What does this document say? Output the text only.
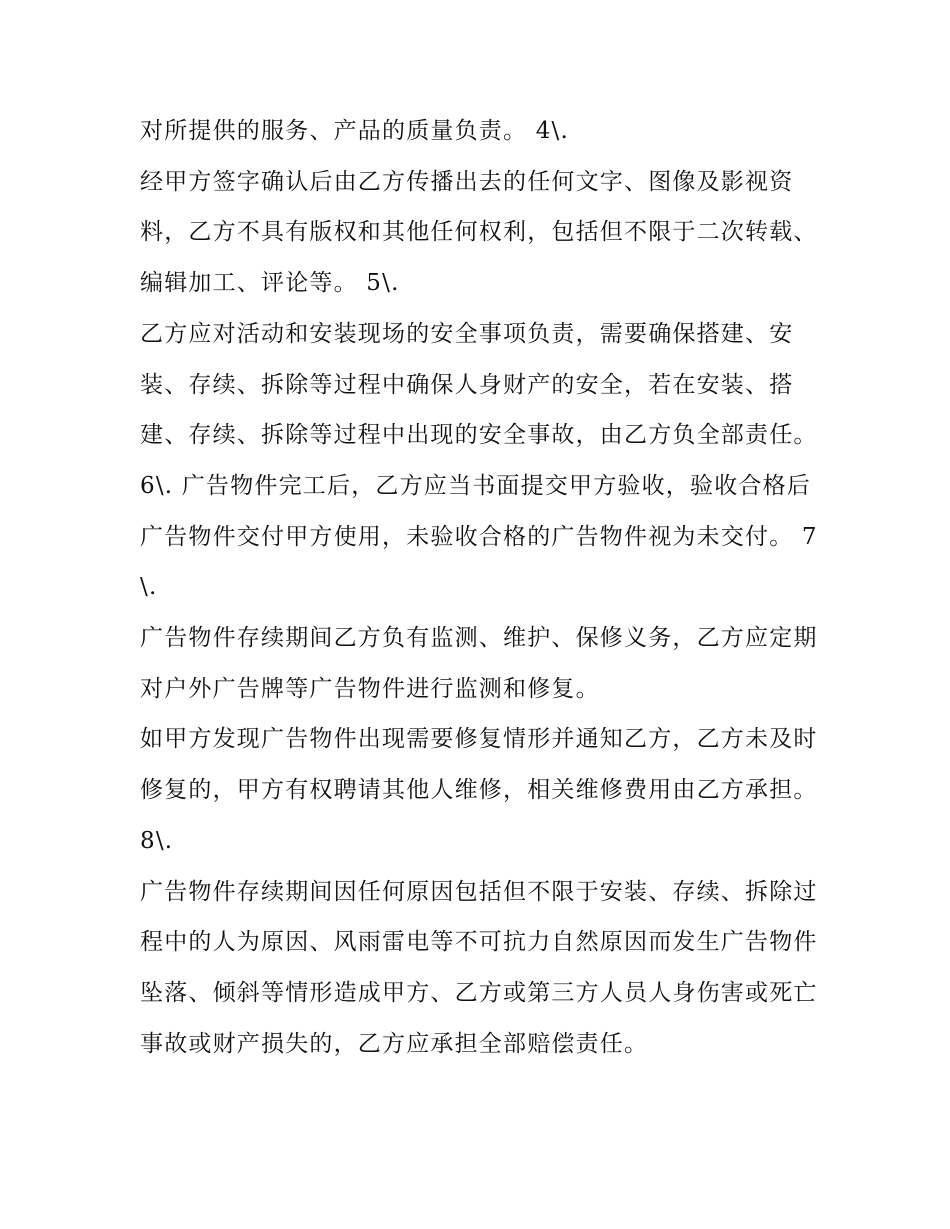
对所提供的服务、产品的质量负责。 4\.

经甲方签字确认后由乙方传播出去的任何文字、图像及影视资料，乙方不具有版权和其他任何权利，包括但不限于二次转载、编辑加工、评论等。 5\.

乙方应对活动和安装现场的安全事项负责，需要确保搭建、安装、存续、拆除等过程中确保人身财产的安全，若在安装、搭建、存续、拆除等过程中出现的安全事故，由乙方负全部责任。

6\. 广告物件完工后，乙方应当书面提交甲方验收，验收合格后广告物件交付甲方使用，未验收合格的广告物件视为未交付。 7\.

广告物件存续期间乙方负有监测、维护、保修义务，乙方应定期对户外广告牌等广告物件进行监测和修复。

如甲方发现广告物件出现需要修复情形并通知乙方，乙方未及时修复的，甲方有权聘请其他人维修，相关维修费用由乙方承担。 8\.

广告物件存续期间因任何原因包括但不限于安装、存续、拆除过程中的人为原因、风雨雷电等不可抗力自然原因而发生广告物件坠落、倾斜等情形造成甲方、乙方或第三方人员人身伤害或死亡事故或财产损失的，乙方应承担全部赔偿责任。
